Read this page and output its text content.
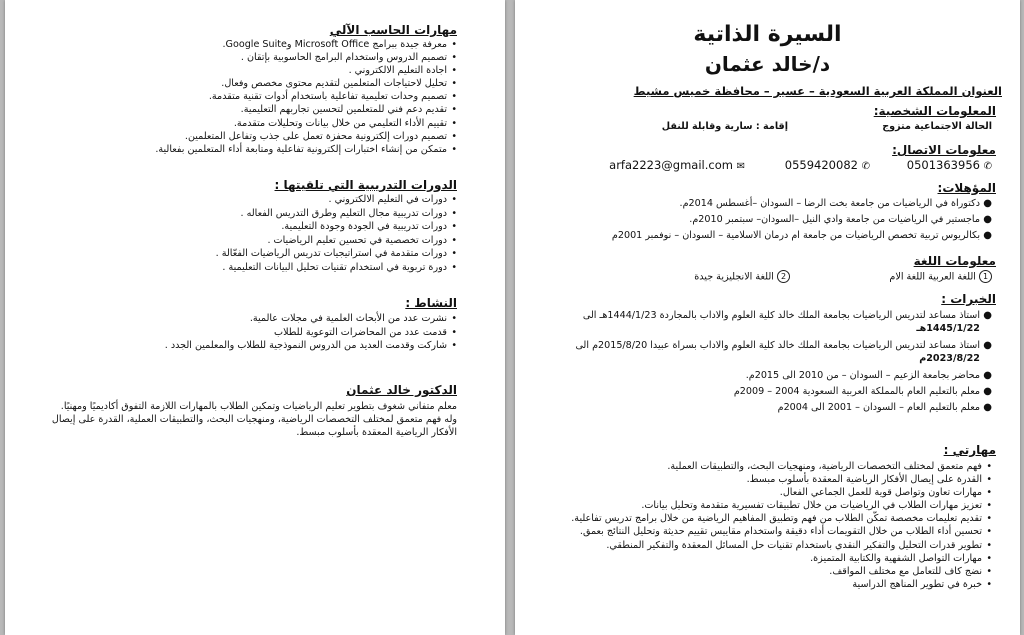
مهارات الحاسب الآلي
• معرفة جيدة ببرامج Microsoft Office وGoogle Suite.
• تصميم الدروس واستخدام البرامج الحاسوبية بإتقان .
• اجادة التعليم الالكتروني .
• تحليل لاحتياجات المتعلمين لتقديم محتوى مخصص وفعال.
• تصميم وحدات تعليمية تفاعلية باستخدام أدوات تقنية متقدمة.
• تقديم دعم فني للمتعلمين لتحسين تجاربهم التعليمية.
• تقييم الأداء التعليمي من خلال بيانات وتحليلات متقدمة.
• تصميم دورات إلكترونية محفزة تعمل على جذب وتفاعل المتعلمين.
• متمكن من إنشاء اختبارات إلكترونية تفاعلية ومتابعة أداء المتعلمين بفعالية.
الدورات التدريبية التي تلقيتها :
• دورات في التعليم الالكتروني .
• دورات تدريبية مجال التعليم وطرق التدريس الفعاله .
• دورات تدريبية في الجودة وجودة التعليمية.
• دورات تخصصية في تحسين تعليم الرياضيات .
• دورات متقدمة في استراتيجيات تدريس الرياضيات الفعّالة .
• دورة تربوية في استخدام تقنيات تحليل البيانات التعليمية .
النشاط :
• نشرت عدد من الأبحاث العلمية في مجلات عالمية.
• قدمت عدد من المحاضرات التوعوية للطلاب
• شاركت وقدمت العديد من الدروس النموذجية للطلاب والمعلمين الجدد .
الدكتور خالد عثمان
معلم متفاني شغوف بتطوير تعليم الرياضيات وتمكين الطلاب بالمهارات اللازمة التفوق أكاديميًا ومهنيًا.
وله فهم متعمق لمختلف التخصصات الرياضية، ومنهجيات البحث، والتطبيقات العملية، القدرة على إيصال
الأفكار الرياضية المعقدة بأسلوب مبسط.
السيرة الذاتية
د/خالد عثمان
العنوان المملكة العربية السعودية – عسير – محافظة خميس مشيط
المعلومات الشخصية:
الحالة الاجتماعية متزوج
إقامة : سارية وقابلة للنقل
معلومات الاتصال:
0501363956 ✆
0559420082 ✆
arfa2223@gmail.com ✉
المؤهلات:
●
دكتوراة في الرياضيات من جامعة بخت الرضا – السودان –أغسطس 2014م.
●
ماجستير في الرياضيات من جامعة وادي النيل –السودان– سبتمبر 2010م.
●
بكالريوس تربية تخصص الرياضيات من جامعة ام درمان الاسلامية – السودان – نوفمبر 2001م
معلومات اللغة
1 اللغة العربية اللغة الام
2 اللغة الانجليزية جيدة
الخبرات :
●
استاذ مساعد لتدريس الرياضيات بجامعة الملك خالد كلية العلوم والاداب بالمجاردة 1444/1/23هـ الى
1445/1/22هـ
●
استاذ مساعد لتدريس الرياضيات بجامعة الملك خالد كلية العلوم والاداب بسراة عبيدا 2015/8/20م الى
2023/8/22م
●
محاضر بجامعة الزعيم – السودان – من 2010 الى 2015م.
●
معلم بالتعليم العام بالمملكة العربية السعودية 2004 – 2009م
●
معلم بالتعليم العام – السودان – 2001 الى 2004م
مهارتي :
• فهم متعمق لمختلف التخصصات الرياضية، ومنهجيات البحث، والتطبيقات العملية.
• القدرة على إيصال الأفكار الرياضية المعقدة بأسلوب مبسط.
• مهارات تعاون وتواصل قوية للعمل الجماعي الفعال.
• تعزيز مهارات الطلاب في الرياضيات من خلال تطبيقات تفسيرية متقدمة وتحليل بيانات.
• تقديم تعليمات مخصصة تمكّن الطلاب من فهم وتطبيق المفاهيم الرياضية من خلال برامج تدريس تفاعلية.
• تحسين أداء الطلاب من خلال التقويمات أداء دقيقة واستخدام مقاييس تقييم حديثة وتحليل النتائج بعمق.
• تطوير قدرات التحليل والتفكير النقدي باستخدام تقنيات حل المسائل المعقدة والتفكير المنطقي.
• مهارات التواصل الشفهية والكتابية المتميزة.
• نضج كاف للتعامل مع مختلف المواقف.
• خبرة في تطوير المناهج الدراسية
